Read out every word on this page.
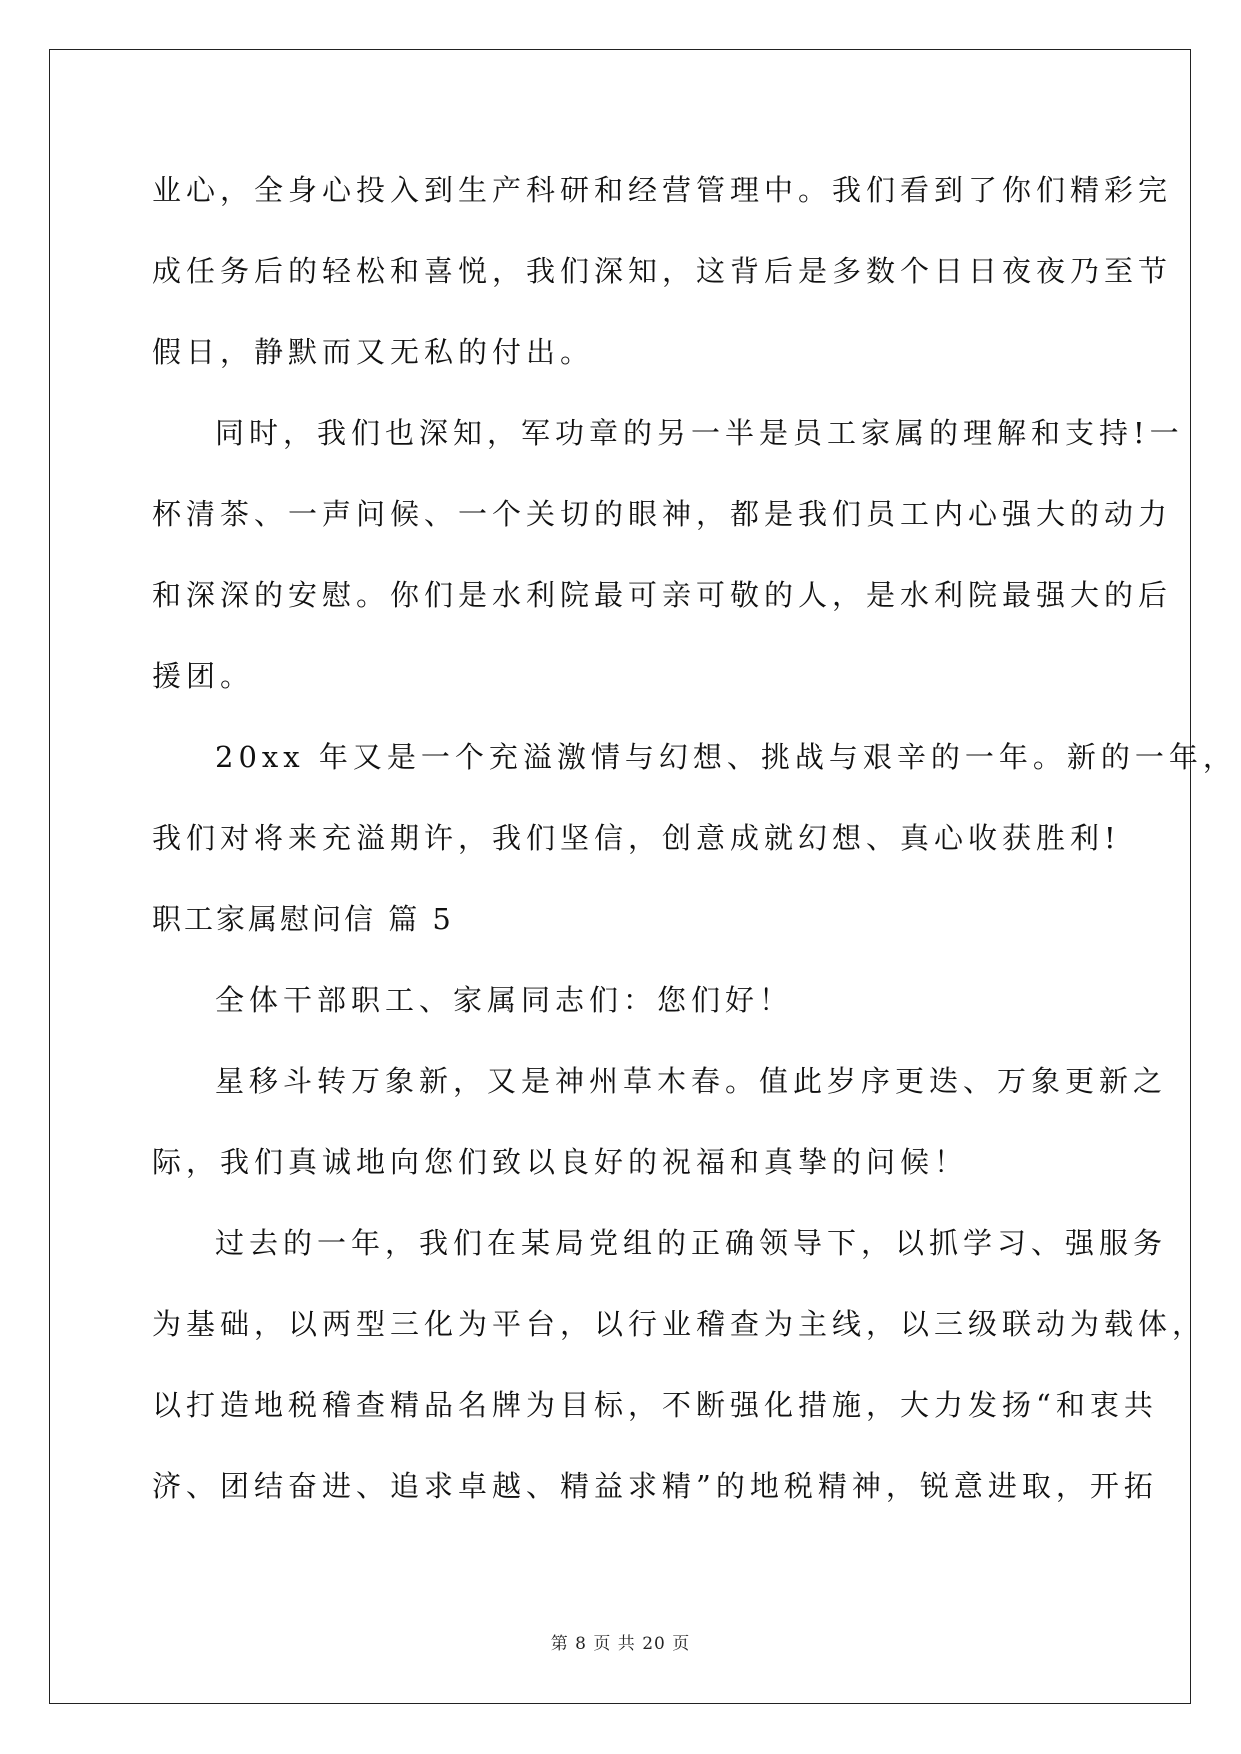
业心，全身心投入到生产科研和经营管理中。我们看到了你们精彩完
成任务后的轻松和喜悦，我们深知，这背后是多数个日日夜夜乃至节
假日，静默而又无私的付出。
同时，我们也深知，军功章的另一半是员工家属的理解和支持!一
杯清茶、一声问候、一个关切的眼神，都是我们员工内心强大的动力
和深深的安慰。你们是水利院最可亲可敬的人，是水利院最强大的后
援团。
20xx 年又是一个充溢激情与幻想、挑战与艰辛的一年。新的一年，
我们对将来充溢期许，我们坚信，创意成就幻想、真心收获胜利!
职工家属慰问信 篇 5
全体干部职工、家属同志们：您们好！
星移斗转万象新，又是神州草木春。值此岁序更迭、万象更新之
际，我们真诚地向您们致以良好的祝福和真挚的问候！
过去的一年，我们在某局党组的正确领导下，以抓学习、强服务
为基础，以两型三化为平台，以行业稽查为主线，以三级联动为载体，
以打造地税稽查精品名牌为目标，不断强化措施，大力发扬“和衷共
济、团结奋进、追求卓越、精益求精”的地税精神，锐意进取，开拓
第 8 页 共 20 页
